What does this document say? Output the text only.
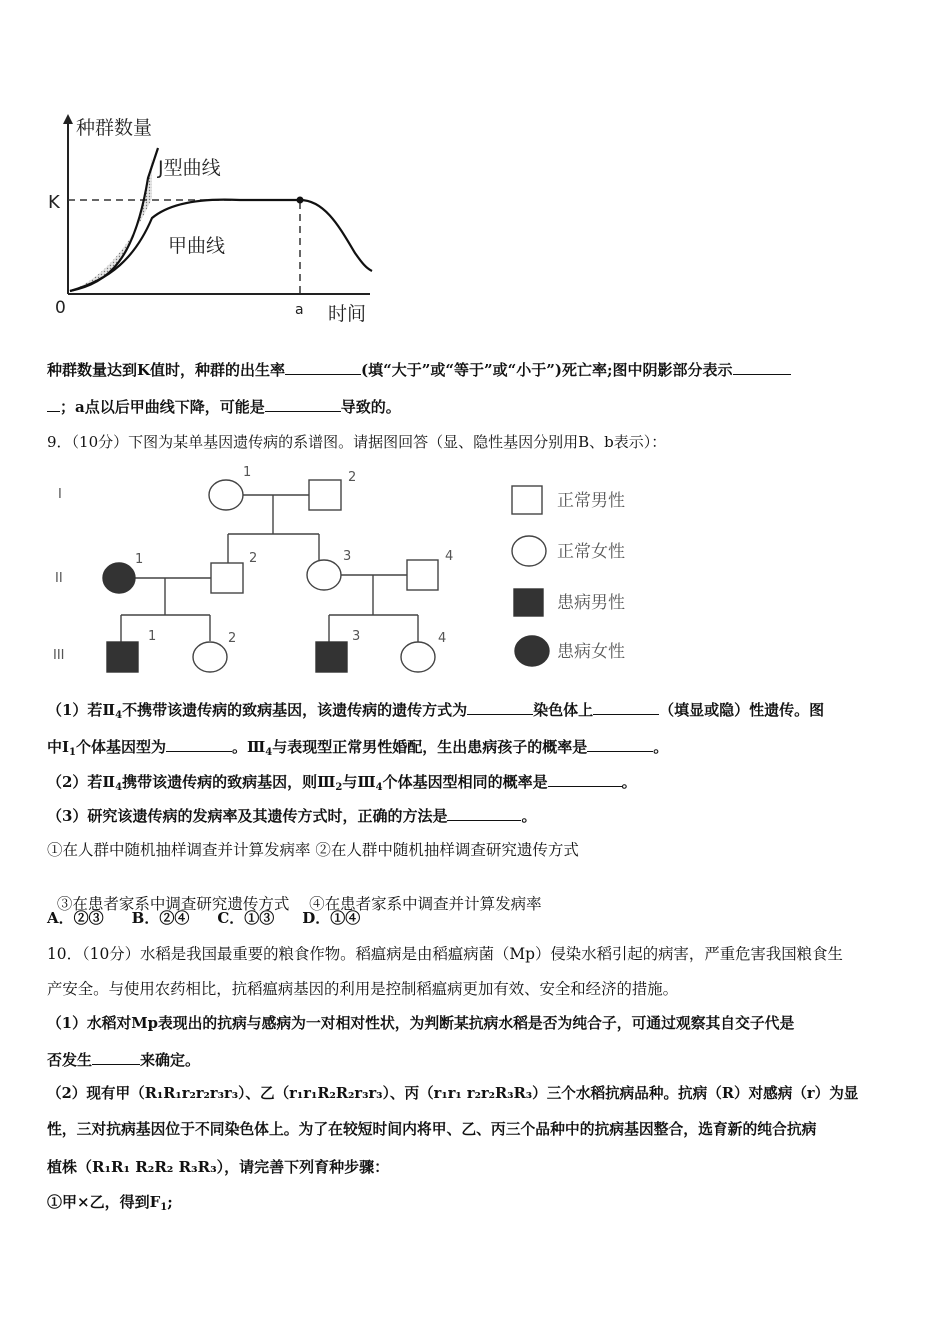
种群数量
时间
K
0	a
J型曲线
甲曲线
种群数量达到K值时，种群的出生率	(填“大于”或“等于”或“小于”)死亡率;图中阴影部分表示
；a点以后甲曲线下降，可能是	导致的。
9．（10分）下图为某单基因遗传病的系谱图。请据图回答（显、隐性基因分别用B、b表示）：
I
II
III
1	2
1	2	3	4
1	2	3	4
正常男性
正常女性
患病男性
患病女性
（1）若$Ⅱ_4$不携带该遗传病的致病基因，该遗传病的遗传方式为	染色体上	（填显或隐）性遗传。图
中$Ⅰ_1$个体基因型为	。$Ⅲ_4$与表现型正常男性婚配，生出患病孩子的概率是	。
（2）若$Ⅱ_4$携带该遗传病的致病基因，则$Ⅲ_2$与$Ⅲ_4$个体基因型相同的概率是	。
（3）研究该遗传病的发病率及其遗传方式时，正确的方法是	。
①在人群中随机抽样调查并计算发病率 ②在人群中随机抽样调查研究遗传方式

③在患者家系中调查研究遗传方式    ④在患者家系中调查并计算发病率

A．②③ B．②④ C．①③ D．①④
10．（10分）水稻是我国最重要的粮食作物。稻瘟病是由稻瘟病菌（Mp）侵染水稻引起的病害，严重危害我国粮食生
产安全。与使用农药相比，抗稻瘟病基因的利用是控制稻瘟病更加有效、安全和经济的措施。
（1）水稻对Mp表现出的抗病与感病为一对相对性状，为判断某抗病水稻是否为纯合子，可通过观察其自交子代是
否发生	来确定。
（2）现有甲（R₁R₁r₂r₂r₃r₃）、乙（r₁r₁R₂R₂r₃r₃）、丙（r₁r₁ r₂r₂R₃R₃）三个水稻抗病品种。抗病（R）对感病（r）为显
性，三对抗病基因位于不同染色体上。为了在较短时间内将甲、乙、丙三个品种中的抗病基因整合，选育新的纯合抗病
植株（R₁R₁ R₂R₂ R₃R₃），请完善下列育种步骤：
①甲×乙，得到$F_1$;
